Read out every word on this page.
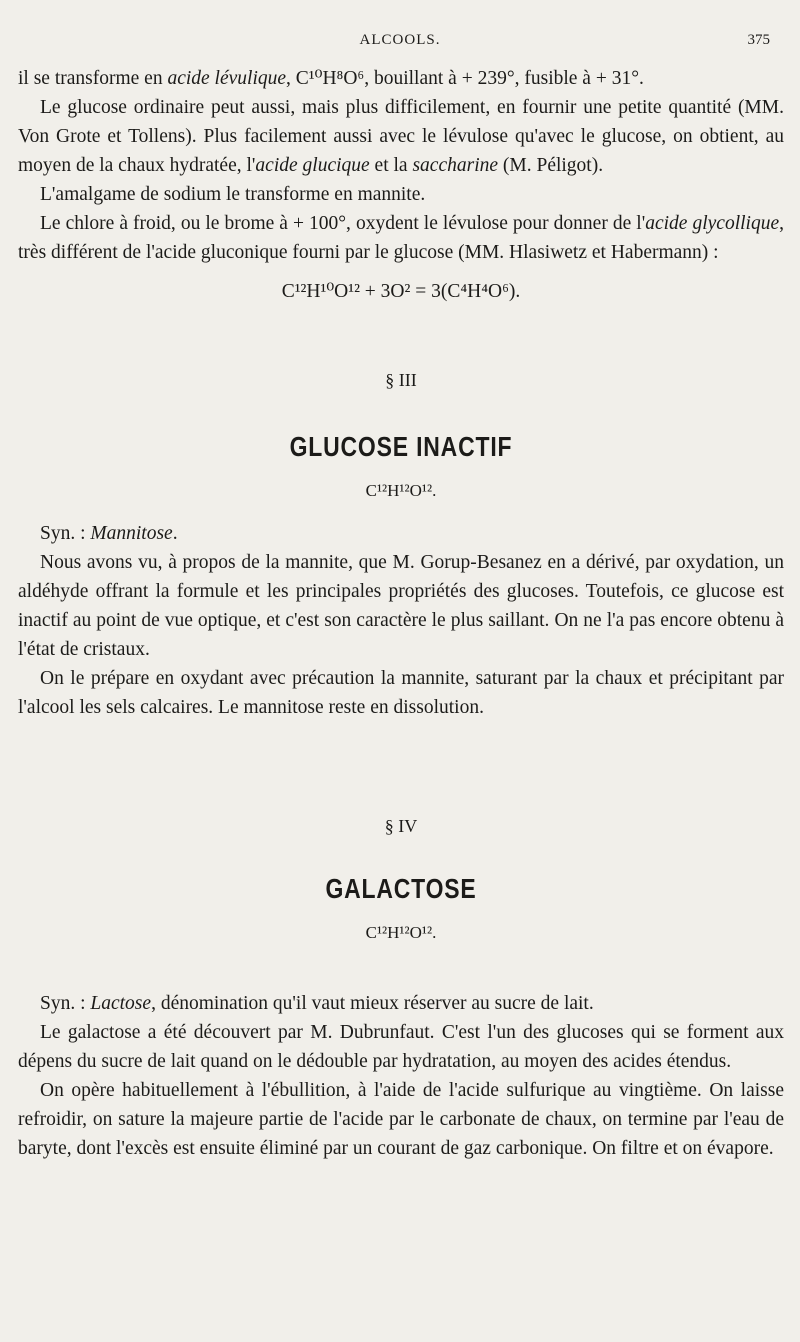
ALCOOLS.	375

il se transforme en acide lévulique, C¹⁰H⁸O⁶, bouillant à + 239°, fusible à + 31°.

Le glucose ordinaire peut aussi, mais plus difficilement, en fournir une petite quantité (MM. Von Grote et Tollens). Plus facilement aussi avec le lévulose qu'avec le glucose, on obtient, au moyen de la chaux hydratée, l'acide glucique et la saccharine (M. Péligot).

L'amalgame de sodium le transforme en mannite.

Le chlore à froid, ou le brome à + 100°, oxydent le lévulose pour donner de l'acide glycollique, très différent de l'acide gluconique fourni par le glucose (MM. Hlasiwetz et Habermann) :

C¹²H¹⁰O¹² + 3O² = 3(C⁴H⁴O⁶).
§ III
GLUCOSE INACTIF
C¹²H¹²O¹².

Syn. : Mannitose.

Nous avons vu, à propos de la mannite, que M. Gorup-Besanez en a dérivé, par oxydation, un aldéhyde offrant la formule et les principales propriétés des glucoses. Toutefois, ce glucose est inactif au point de vue optique, et c'est son caractère le plus saillant. On ne l'a pas encore obtenu à l'état de cristaux.

On le prépare en oxydant avec précaution la mannite, saturant par la chaux et précipitant par l'alcool les sels calcaires. Le mannitose reste en dissolution.

§ IV
GALACTOSE
C¹²H¹²O¹².

Syn. : Lactose, dénomination qu'il vaut mieux réserver au sucre de lait.

Le galactose a été découvert par M. Dubrunfaut. C'est l'un des glucoses qui se forment aux dépens du sucre de lait quand on le dédouble par hydratation, au moyen des acides étendus.

On opère habituellement à l'ébullition, à l'aide de l'acide sulfurique au vingtième. On laisse refroidir, on sature la majeure partie de l'acide par le carbonate de chaux, on termine par l'eau de baryte, dont l'excès est ensuite éliminé par un courant de gaz carbonique. On filtre et on évapore.
